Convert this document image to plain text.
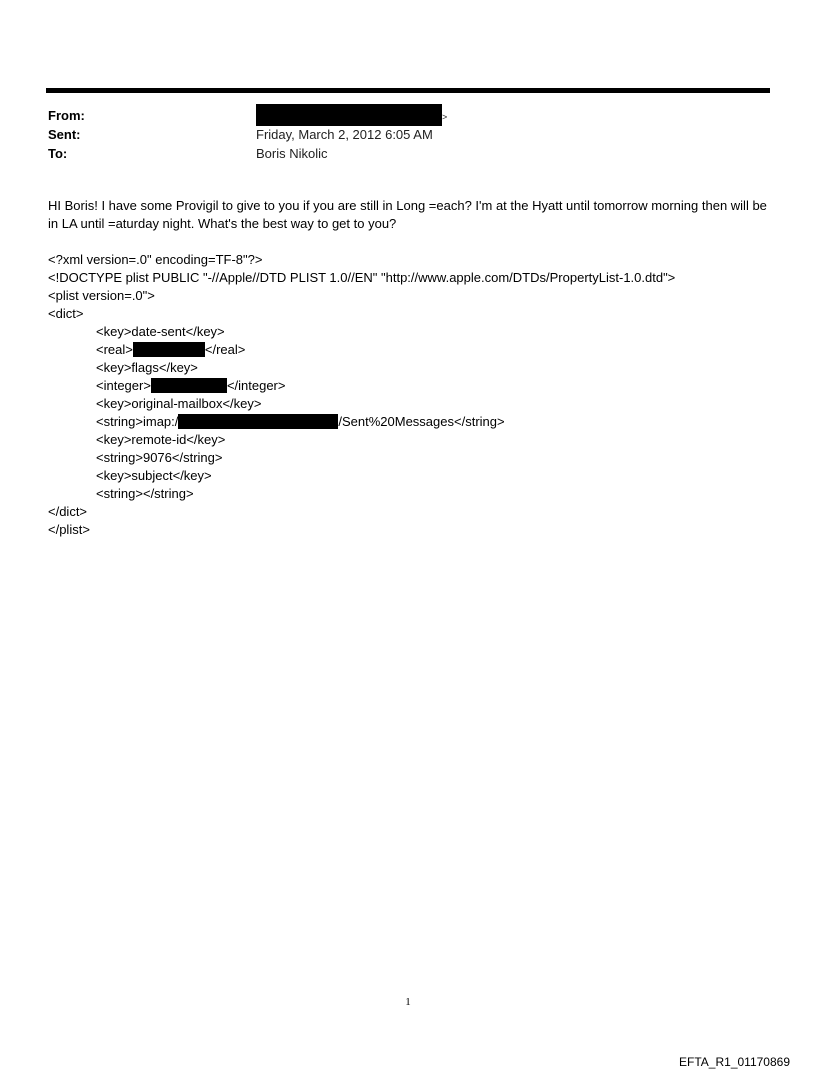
From:	>
Sent:	Friday, March 2, 2012 6:05 AM
To:	Boris Nikolic
HI Boris! I have some Provigil to give to you if you are still in Long =each? I'm at the Hyatt until tomorrow morning then will be in LA until =aturday night. What's the best way to get to you?
<?xml version=.0" encoding=TF-8"?>
<!DOCTYPE plist PUBLIC "-//Apple//DTD PLIST 1.0//EN" "http://www.apple.com/DTDs/PropertyList-1.0.dtd">
<plist version=.0">
<dict>
<key>date-sent</key>
<real>	</real>
<key>flags</key>
<integer>	</integer>
<key>original-mailbox</key>
<string>imap:/	/Sent%20Messages</string>
<key>remote-id</key>
<string>9076</string>
<key>subject</key>
<string></string>
</dict>
</plist>
1
EFTA_R1_01170869
